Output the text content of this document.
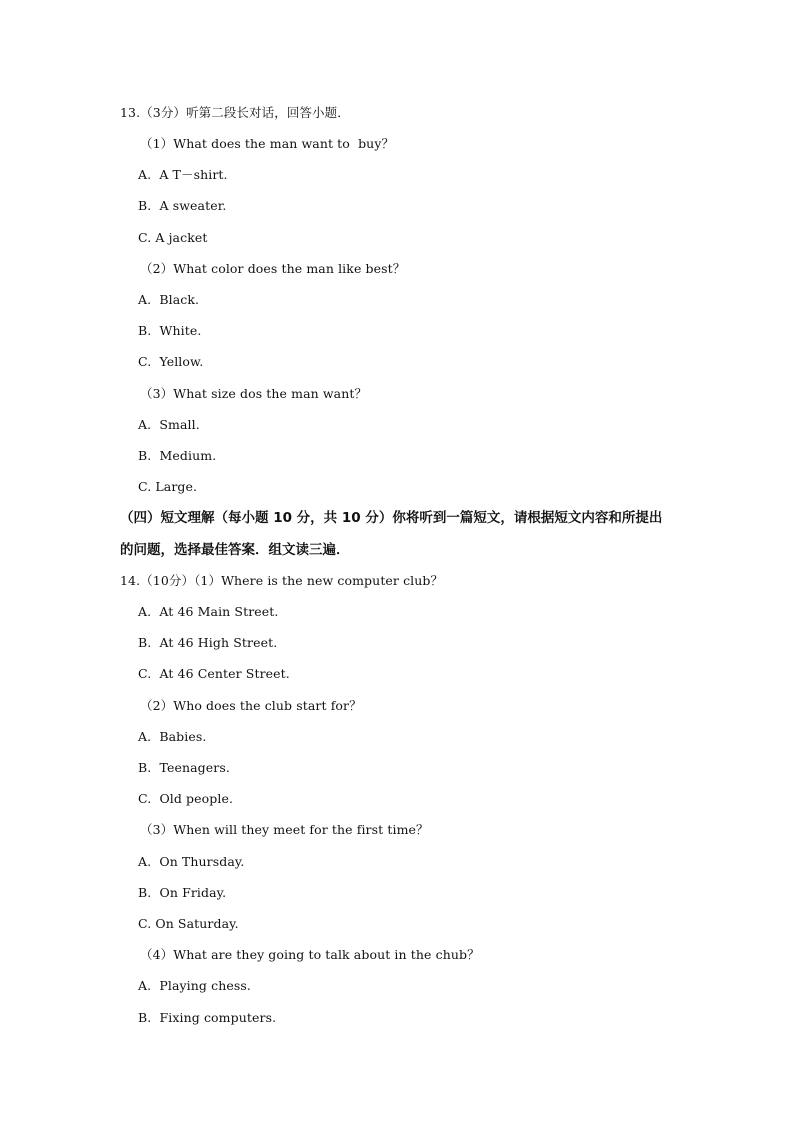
13.（3分）听第二段长对话，回答小题．
（1）What does the man want to  buy？
A.  A T－shirt.
B.  A sweater.
C. A jacket
（2）What color does the man like best？
A.  Black.
B.  White.
C.  Yellow.
（3）What size dos the man want？
A.  Small.
B.  Medium.
C. Large.
（四）短文理解（每小题 10 分，共 10 分）你将听到一篇短文，请根据短文内容和所提出
的问题，选择最佳答案．组文读三遍．
14.（10分）（1）Where is the new computer club？
A.  At 46 Main Street.
B.  At 46 High Street.
C.  At 46 Center Street.
（2）Who does the club start for？
A.  Babies.
B.  Teenagers.
C.  Old people.
（3）When will they meet for the first time？
A.  On Thursday.
B.  On Friday.
C. On Saturday.
（4）What are they going to talk about in the chub？
A.  Playing chess.
B.  Fixing computers.
